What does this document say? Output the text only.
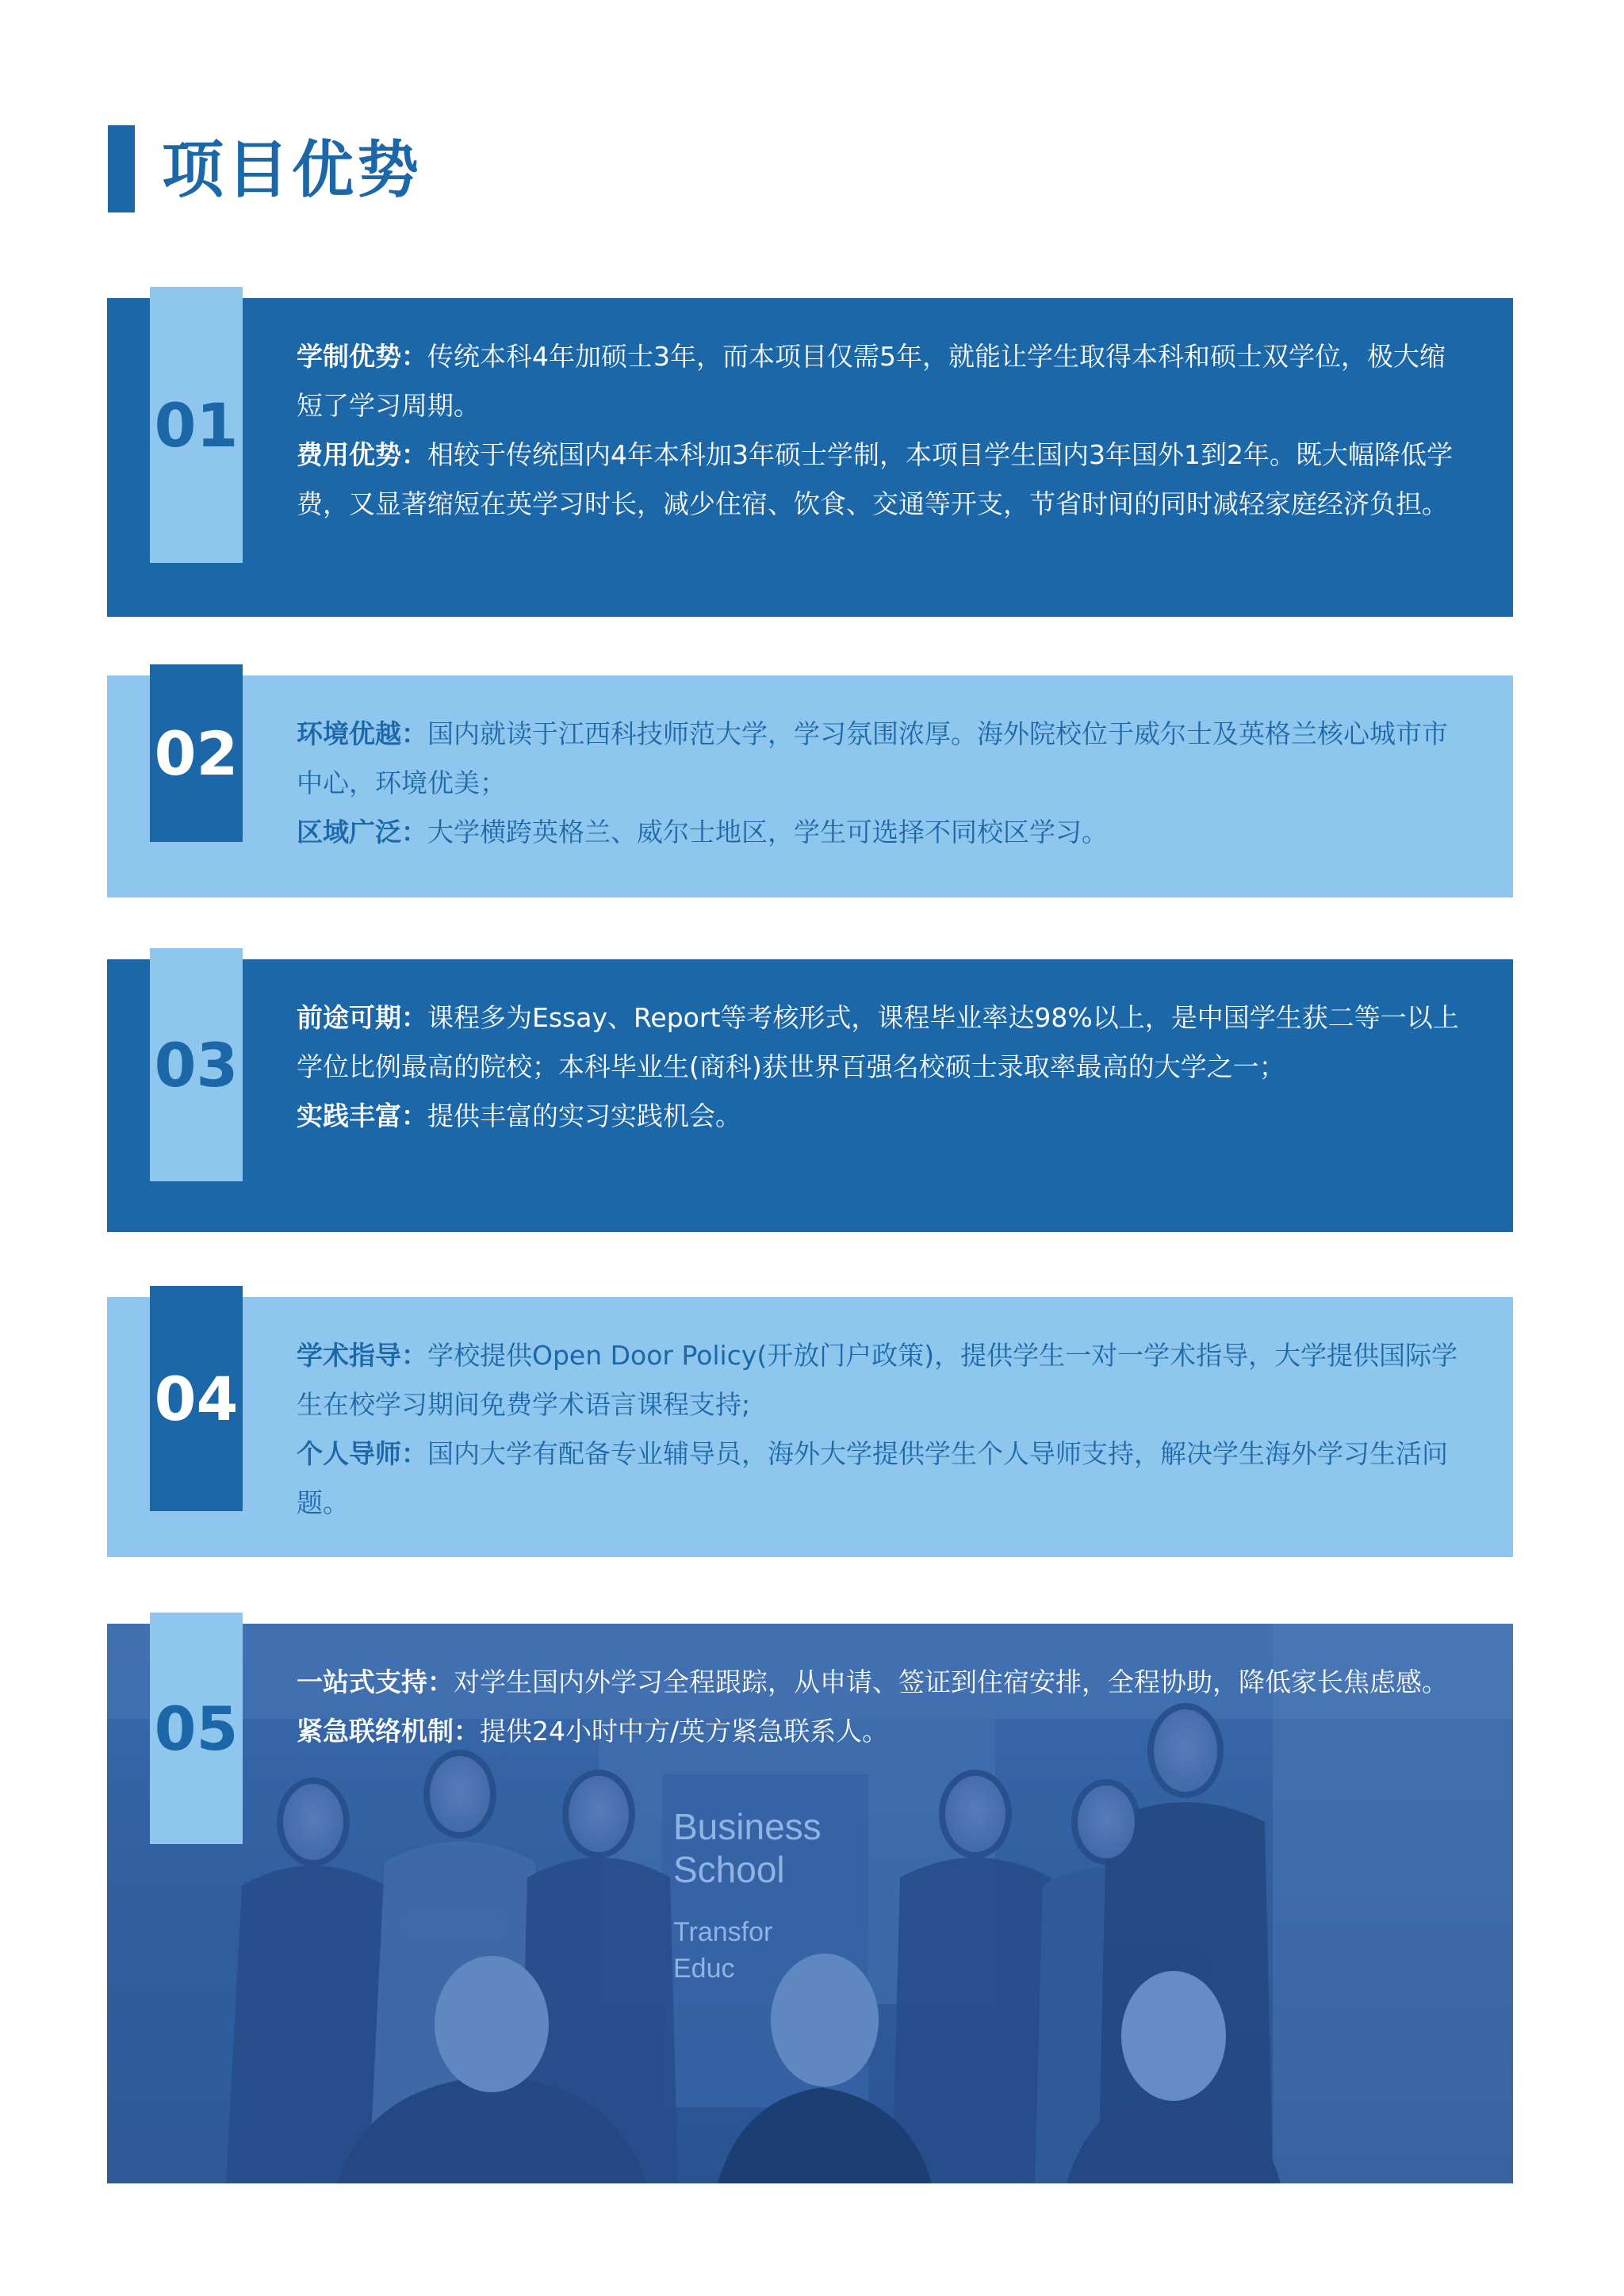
项目优势
01

学制优势：传统本科4年加硕士3年，而本项目仅需5年，就能让学生取得本科和硕士双学位，极大缩短了学习周期。

费用优势：相较于传统国内4年本科加3年硕士学制，本项目学生国内3年国外1到2年。既大幅降低学费，又显著缩短在英学习时长，减少住宿、饮食、交通等开支，节省时间的同时减轻家庭经济负担。

02 环境优越：国内就读于江西科技师范大学，学习氛围浓厚。海外院校位于威尔士及英格兰核心城市市中心，环境优美；

区域广泛：大学横跨英格兰、威尔士地区，学生可选择不同校区学习。

03

前途可期：课程多为Essay、Report等考核形式，课程毕业率达98%以上，是中国学生获二等一以上学位比例最高的院校；本科毕业生(商科)获世界百强名校硕士录取率最高的大学之一；

实践丰富：提供丰富的实习实践机会。

04

学术指导：学校提供Open Door Policy(开放门户政策)，提供学生一对一学术指导，大学提供国际学生在校学习期间免费学术语言课程支持;

个人导师：国内大学有配备专业辅导员，海外大学提供学生个人导师支持，解决学生海外学习生活问题。

Business
School
Transfor
Educ
05

一站式支持：对学生国内外学习全程跟踪，从申请、签证到住宿安排，全程协助，降低家长焦虑感。

紧急联络机制：提供24小时中方/英方紧急联系人。
